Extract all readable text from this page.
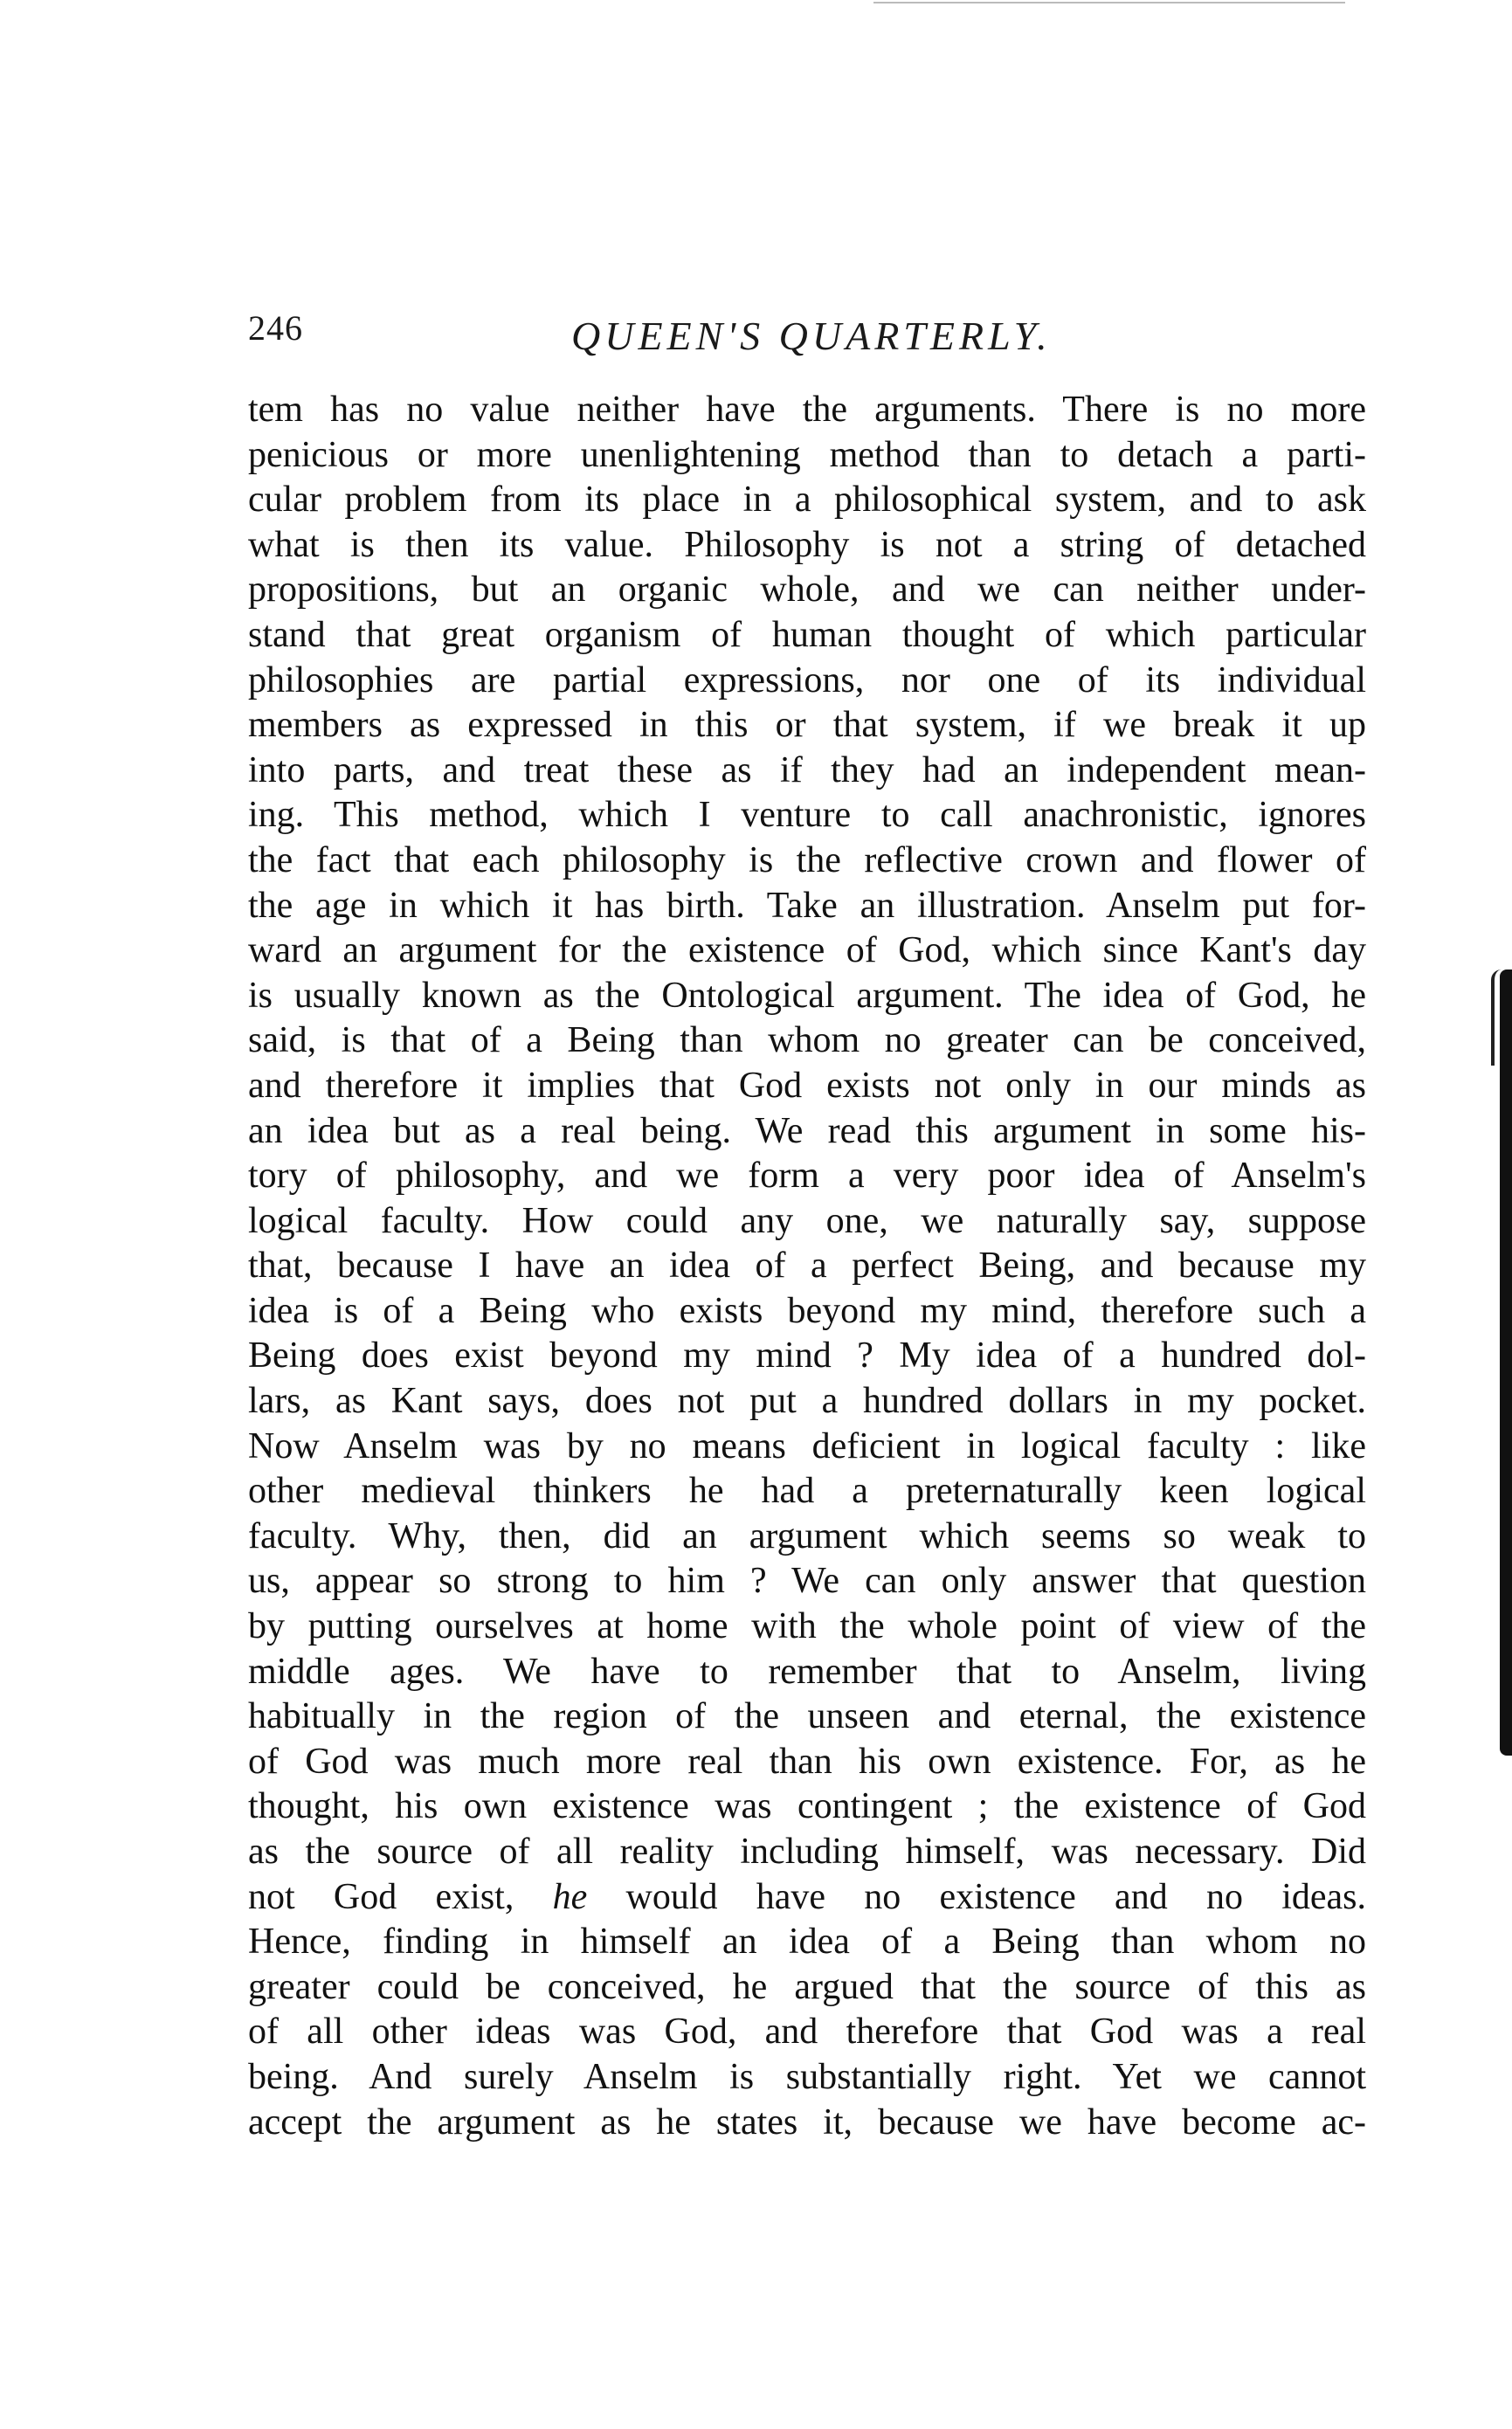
246	QUEEN'S QUARTERLY.
tem has no value neither have the arguments. There is no more
penicious or more unenlightening method than to detach a parti-
cular problem from its place in a philosophical system, and to ask
what is then its value. Philosophy is not a string of detached
propositions, but an organic whole, and we can neither under-
stand that great organism of human thought of which particular
philosophies are partial expressions, nor one of its individual
members as expressed in this or that system, if we break it up
into parts, and treat these as if they had an independent mean-
ing. This method, which I venture to call anachronistic, ignores
the fact that each philosophy is the reflective crown and flower of
the age in which it has birth. Take an illustration. Anselm put for-
ward an argument for the existence of God, which since Kant's day
is usually known as the Ontological argument. The idea of God, he
said, is that of a Being than whom no greater can be conceived,
and therefore it implies that God exists not only in our minds as
an idea but as a real being. We read this argument in some his-
tory of philosophy, and we form a very poor idea of Anselm's
logical faculty. How could any one, we naturally say, suppose
that, because I have an idea of a perfect Being, and because my
idea is of a Being who exists beyond my mind, therefore such a
Being does exist beyond my mind ? My idea of a hundred dol-
lars, as Kant says, does not put a hundred dollars in my pocket.
Now Anselm was by no means deficient in logical faculty : like
other medieval thinkers he had a preternaturally keen logical
faculty. Why, then, did an argument which seems so weak to
us, appear so strong to him ? We can only answer that question
by putting ourselves at home with the whole point of view of the
middle ages. We have to remember that to Anselm, living
habitually in the region of the unseen and eternal, the existence
of God was much more real than his own existence. For, as he
thought, his own existence was contingent ; the existence of God
as the source of all reality including himself, was necessary. Did
not God exist, he would have no existence and no ideas.
Hence, finding in himself an idea of a Being than whom no
greater could be conceived, he argued that the source of this as
of all other ideas was God, and therefore that God was a real
being. And surely Anselm is substantially right. Yet we cannot
accept the argument as he states it, because we have become ac-
